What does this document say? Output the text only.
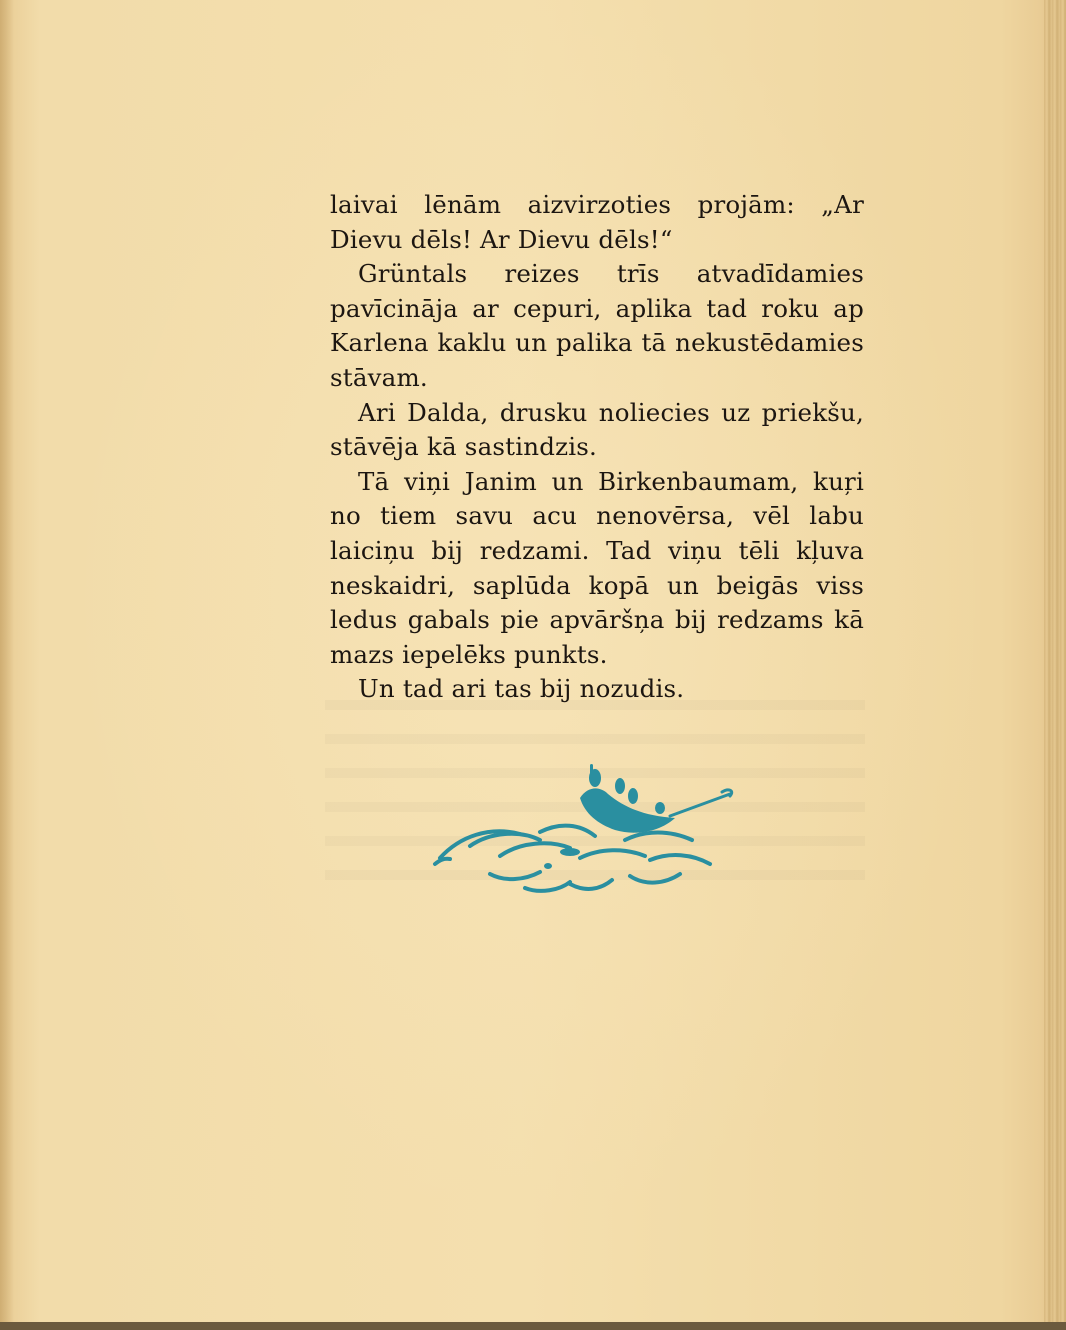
laivai lēnām aizvirzoties projām: „Ar Dievu dēls! Ar Dievu dēls!“

Grüntals reizes trīs atvadīdamies pavīcināja ar cepuri, aplika tad roku ap Karlena kaklu un palika tā nekustēdamies stāvam.

Ari Dalda, drusku noliecies uz priekšu, stāvēja kā sastindzis.

Tā viņi Janim un Birkenbaumam, kuŗi no tiem savu acu nenovērsa, vēl labu laiciņu bij redzami. Tad viņu tēli kļuva neskaidri, saplūda kopā un beigās viss ledus gabals pie apvāršņa bij redzams kā mazs iepelēks punkts.

Un tad ari tas bij nozudis.
